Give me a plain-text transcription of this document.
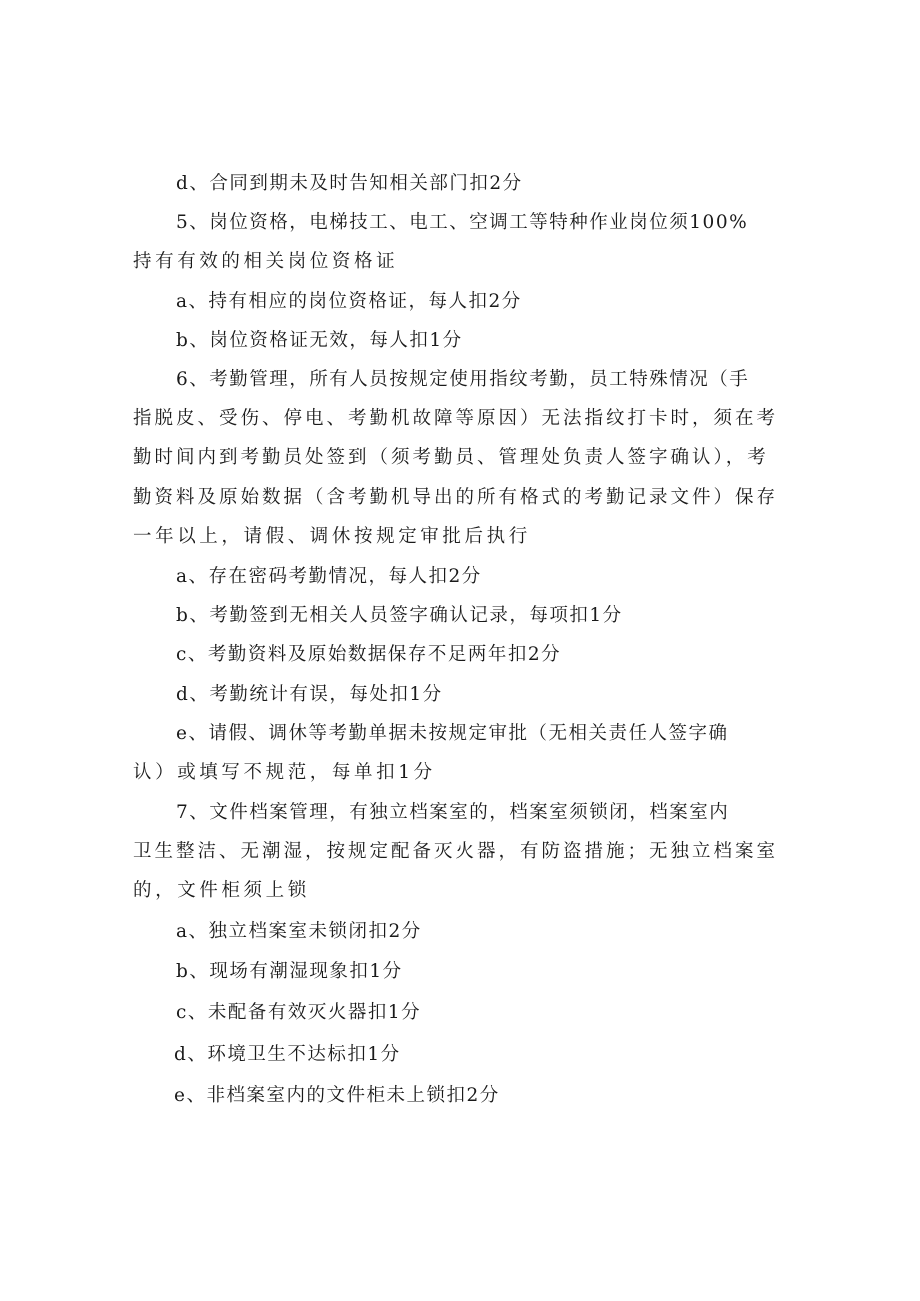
d、合同到期未及时告知相关部门扣2分
5、岗位资格，电梯技工、电工、空调工等特种作业岗位须100%
持有有效的相关岗位资格证
a、持有相应的岗位资格证，每人扣2分
b、岗位资格证无效，每人扣1分
6、考勤管理，所有人员按规定使用指纹考勤，员工特殊情况（手
指脱皮、受伤、停电、考勤机故障等原因）无法指纹打卡时，须在考
勤时间内到考勤员处签到（须考勤员、管理处负责人签字确认），考
勤资料及原始数据（含考勤机导出的所有格式的考勤记录文件）保存
一年以上，请假、调休按规定审批后执行
a、存在密码考勤情况，每人扣2分
b、考勤签到无相关人员签字确认记录，每项扣1分
c、考勤资料及原始数据保存不足两年扣2分
d、考勤统计有误，每处扣1分
e、请假、调休等考勤单据未按规定审批（无相关责任人签字确
认）或填写不规范，每单扣1分
7、文件档案管理，有独立档案室的，档案室须锁闭，档案室内
卫生整洁、无潮湿，按规定配备灭火器，有防盗措施；无独立档案室
的，文件柜须上锁
a、独立档案室未锁闭扣2分
b、现场有潮湿现象扣1分
c、未配备有效灭火器扣1分
d、环境卫生不达标扣1分
e、非档案室内的文件柜未上锁扣2分
